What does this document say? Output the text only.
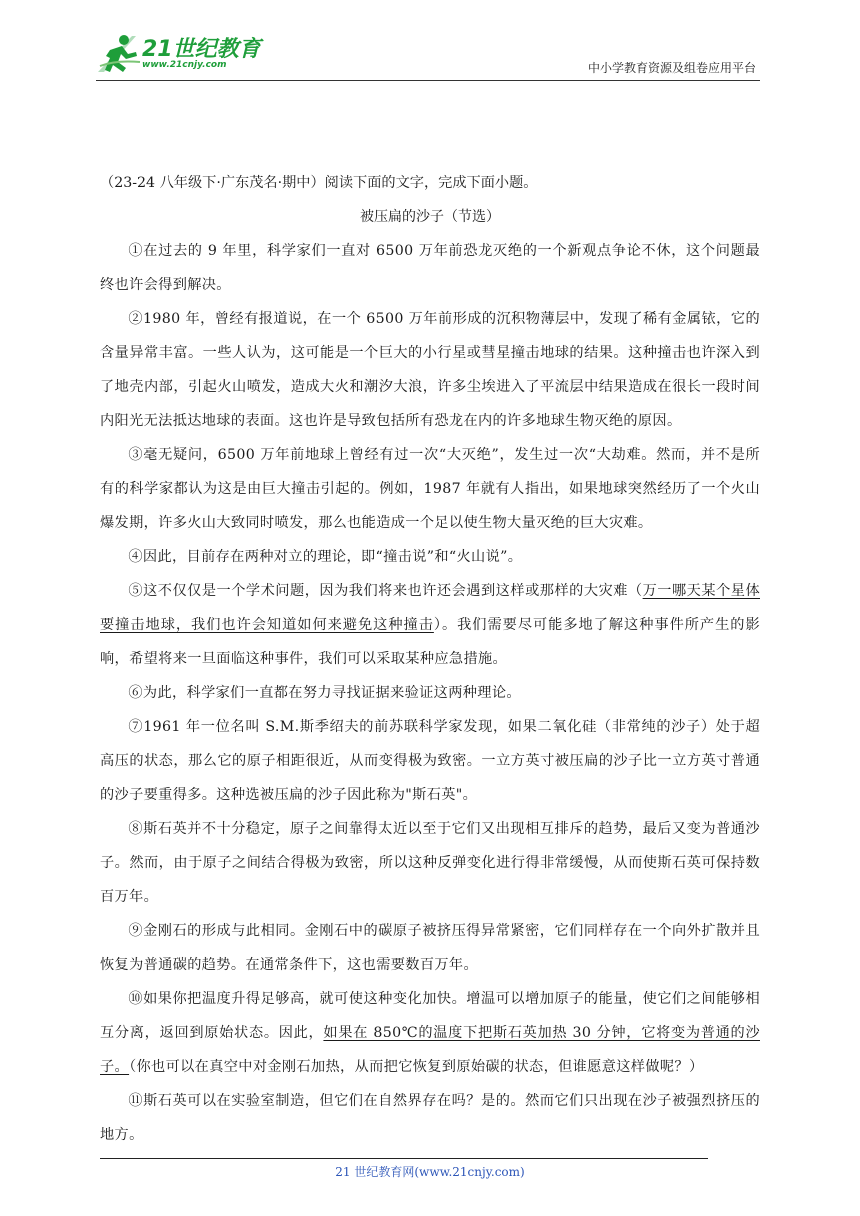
21世纪教育
www.21cnjy.com	中小学教育资源及组卷应用平台

（23-24 八年级下·广东茂名·期中）阅读下面的文字，完成下面小题。

被压扁的沙子（节选）

①在过去的 9 年里，科学家们一直对 6500 万年前恐龙灭绝的一个新观点争论不休，这个问题最终也许会得到解决。

②1980 年，曾经有报道说，在一个 6500 万年前形成的沉积物薄层中，发现了稀有金属铱，它的含量异常丰富。一些人认为，这可能是一个巨大的小行星或彗星撞击地球的结果。这种撞击也许深入到了地壳内部，引起火山喷发，造成大火和潮汐大浪，许多尘埃进入了平流层中结果造成在很长一段时间内阳光无法抵达地球的表面。这也许是导致包括所有恐龙在内的许多地球生物灭绝的原因。

③毫无疑问，6500 万年前地球上曾经有过一次“大灭绝”，发生过一次“大劫难。然而，并不是所有的科学家都认为这是由巨大撞击引起的。例如，1987 年就有人指出，如果地球突然经历了一个火山爆发期，许多火山大致同时喷发，那么也能造成一个足以使生物大量灭绝的巨大灾难。

④因此，目前存在两种对立的理论，即“撞击说”和“火山说”。

⑤这不仅仅是一个学术问题，因为我们将来也许还会遇到这样或那样的大灾难（万一哪天某个星体要撞击地球，我们也许会知道如何来避免这种撞击）。我们需要尽可能多地了解这种事件所产生的影响，希望将来一旦面临这种事件，我们可以采取某种应急措施。

⑥为此，科学家们一直都在努力寻找证据来验证这两种理论。

⑦1961 年一位名叫 S.M.斯季绍夫的前苏联科学家发现，如果二氧化硅（非常纯的沙子）处于超高压的状态，那么它的原子相距很近，从而变得极为致密。一立方英寸被压扁的沙子比一立方英寸普通的沙子要重得多。这种选被压扁的沙子因此称为"斯石英"。

⑧斯石英并不十分稳定，原子之间靠得太近以至于它们又出现相互排斥的趋势，最后又变为普通沙子。然而，由于原子之间结合得极为致密，所以这种反弹变化进行得非常缓慢，从而使斯石英可保持数百万年。

⑨金刚石的形成与此相同。金刚石中的碳原子被挤压得异常紧密，它们同样存在一个向外扩散并且恢复为普通碳的趋势。在通常条件下，这也需要数百万年。

⑩如果你把温度升得足够高，就可使这种变化加快。增温可以增加原子的能量，使它们之间能够相互分离，返回到原始状态。因此，如果在 850℃的温度下把斯石英加热 30 分钟，它将变为普通的沙子。（你也可以在真空中对金刚石加热，从而把它恢复到原始碳的状态，但谁愿意这样做呢？）

⑪斯石英可以在实验室制造，但它们在自然界存在吗？是的。然而它们只出现在沙子被强烈挤压的地方。

21 世纪教育网(www.21cnjy.com)
